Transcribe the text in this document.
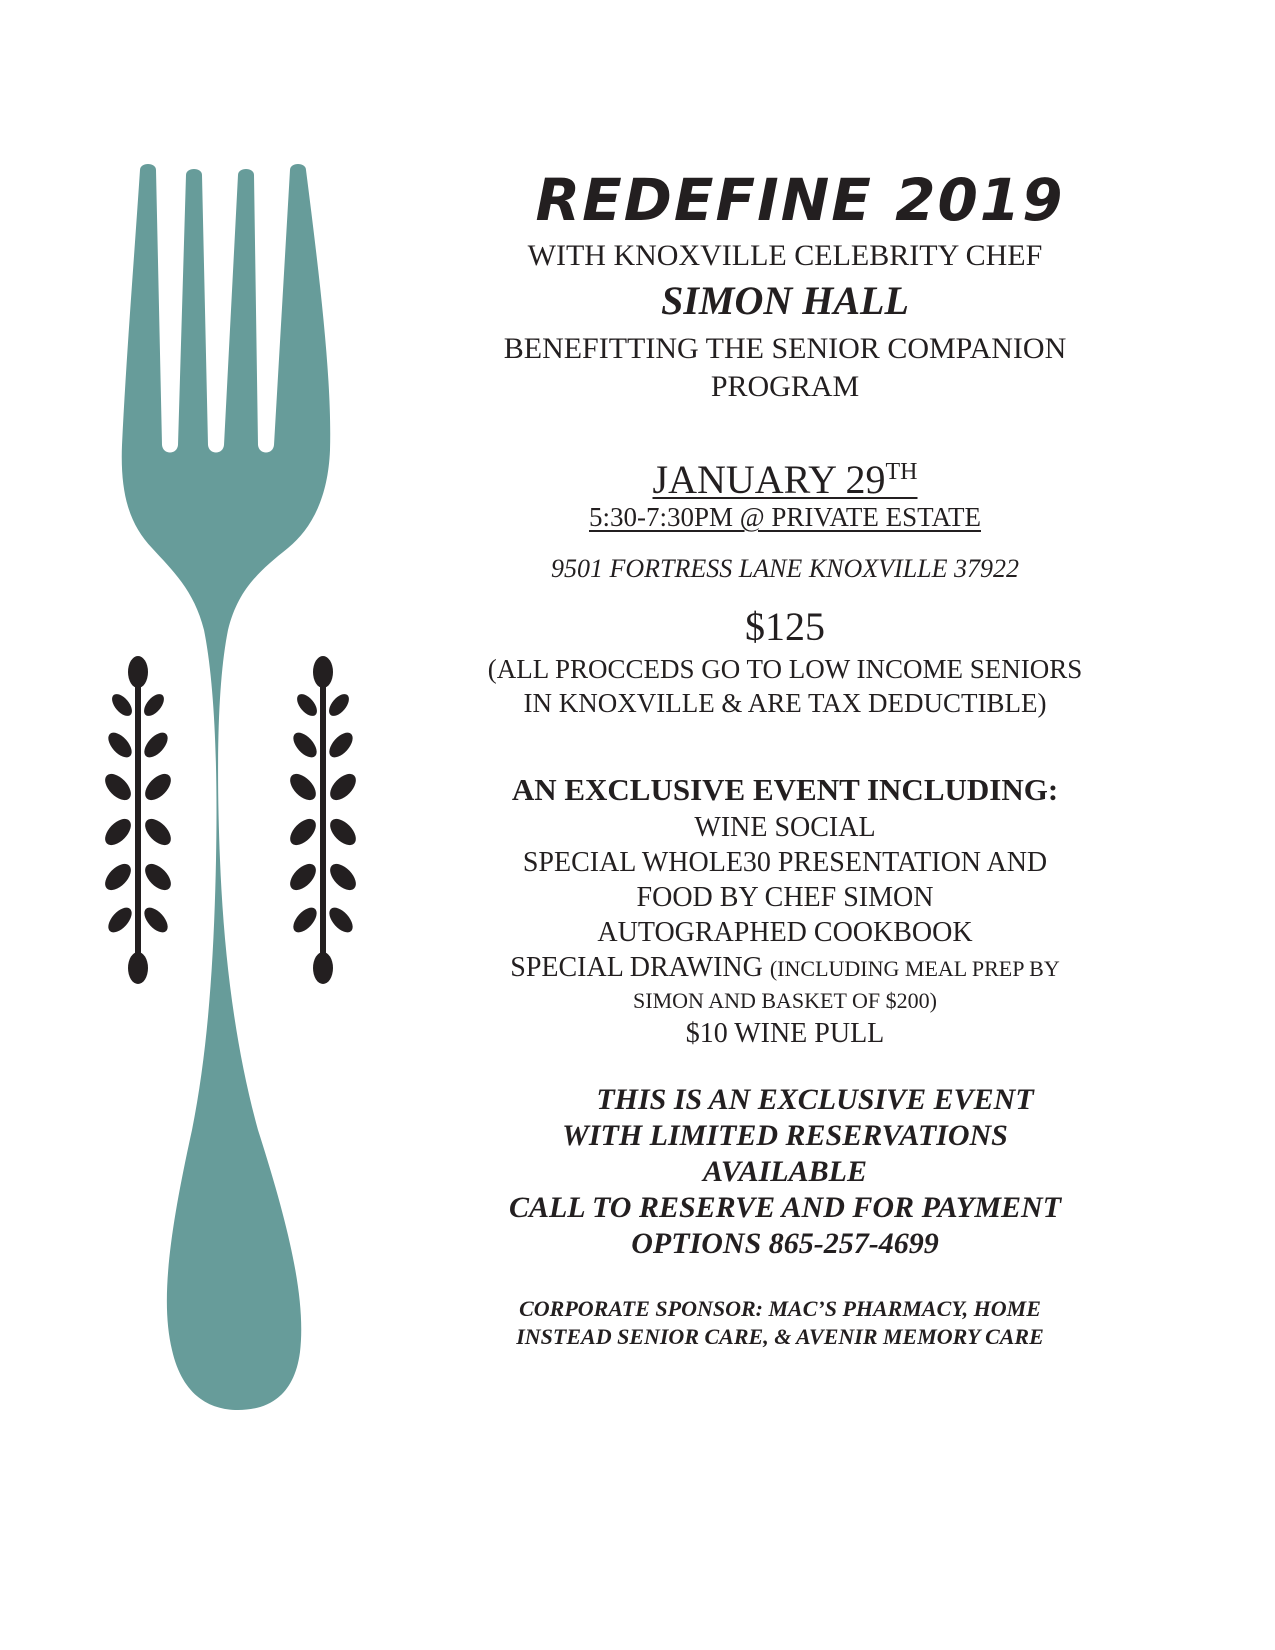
REDEFINE 2019

WITH KNOXVILLE CELEBRITY CHEF

SIMON HALL

BENEFITTING THE SENIOR COMPANION
PROGRAM

JANUARY 29TH

5:30-7:30PM @ PRIVATE ESTATE

9501 FORTRESS LANE KNOXVILLE 37922

$125

(ALL PROCCEDS GO TO LOW INCOME SENIORS
IN KNOXVILLE & ARE TAX DEDUCTIBLE)

AN EXCLUSIVE EVENT INCLUDING:

WINE SOCIAL
SPECIAL WHOLE30 PRESENTATION AND
FOOD BY CHEF SIMON
AUTOGRAPHED COOKBOOK
SPECIAL DRAWING (INCLUDING MEAL PREP BY
SIMON AND BASKET OF $200)
$10 WINE PULL
THIS IS AN EXCLUSIVE EVENT
WITH LIMITED RESERVATIONS
AVAILABLE
CALL TO RESERVE AND FOR PAYMENT
OPTIONS 865-257-4699
CORPORATE SPONSOR: MAC’S PHARMACY, HOME
INSTEAD SENIOR CARE, & AVENIR MEMORY CARE
